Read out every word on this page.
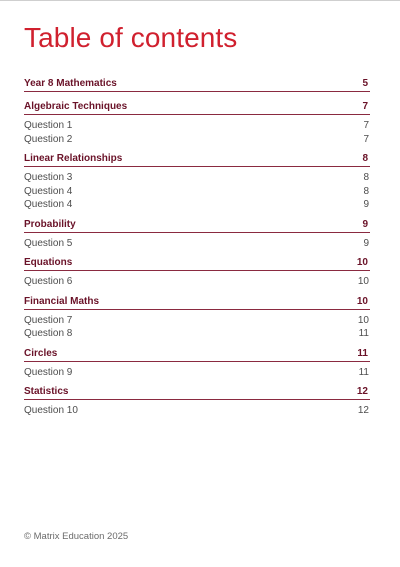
Table of contents
Year 8 Mathematics	5
Algebraic Techniques	7
Question 1	7
Question 2	7
Linear Relationships	8
Question 3	8
Question 4	8
Question 4	9
Probability	9
Question 5	9
Equations	10
Question 6	10
Financial Maths	10
Question 7	10
Question 8	11
Circles	11
Question 9	11
Statistics	12
Question 10	12
© Matrix Education 2025
